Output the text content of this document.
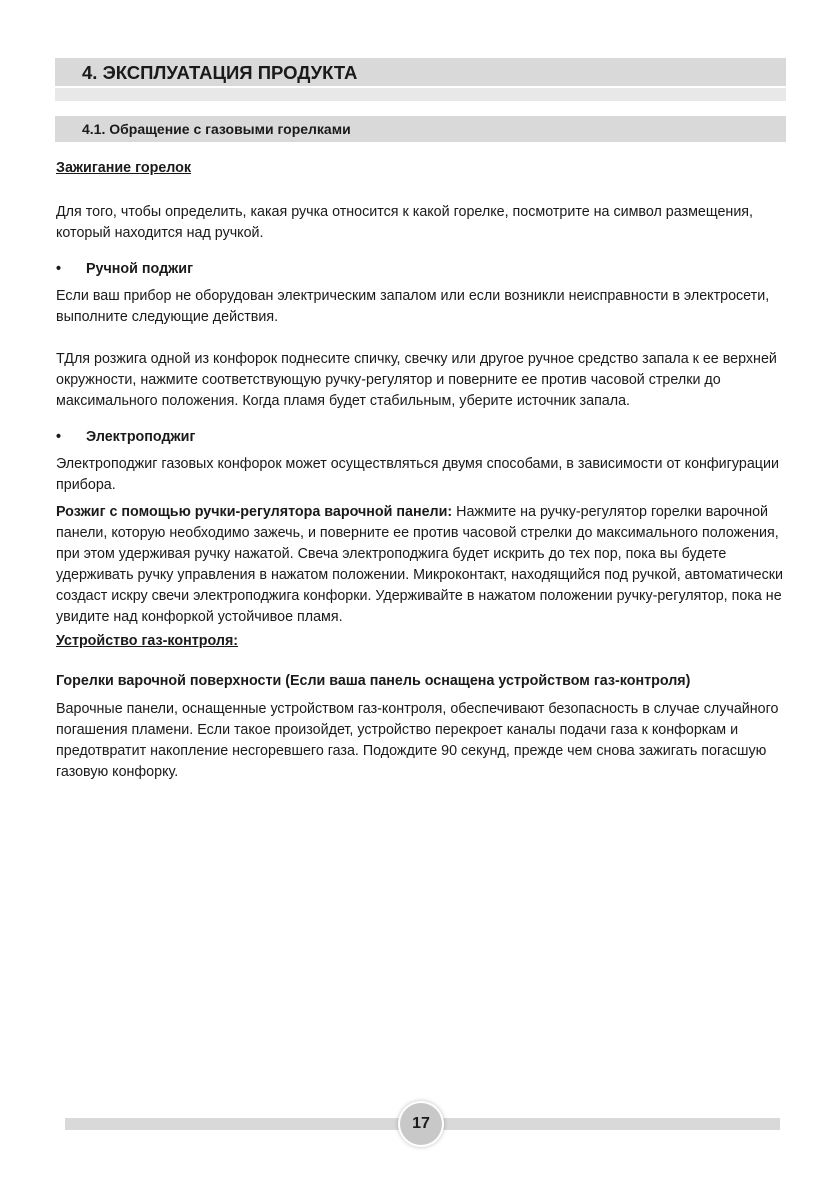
4. ЭКСПЛУАТАЦИЯ ПРОДУКТА
4.1. Обращение с газовыми горелками

Зажигание горелок

Для того, чтобы определить, какая ручка относится к какой горелке, посмотрите на символ размещения, который находится над ручкой.

•	Ручной поджиг

Если ваш прибор не оборудован электрическим запалом или если возникли неисправности в электросети, выполните следующие действия.

ТДля розжига одной из конфорок поднесите спичку, свечку или другое ручное средство запала к ее верхней окружности, нажмите соответствующую ручку-регулятор и поверните ее против часовой стрелки до максимального положения. Когда пламя будет стабильным, уберите источник запала.

•	Электроподжиг

Электроподжиг газовых конфорок может осуществляться двумя способами, в зависимости от конфигурации прибора.

Розжиг с помощью ручки-регулятора варочной панели: Нажмите на ручку-регулятор горелки варочной панели, которую необходимо зажечь, и поверните ее против часовой стрелки до максимального положения, при этом удерживая ручку нажатой. Свеча электроподжига будет искрить до тех пор, пока вы будете удерживать ручку управления в нажатом положении. Микроконтакт, находящийся под ручкой, автоматически создаст искру свечи электроподжига конфорки. Удерживайте в нажатом положении ручку-регулятор, пока не увидите над конфоркой устойчивое пламя.

Устройство газ-контроля:

Горелки варочной поверхности (Если ваша панель оснащена устройством газ-контроля)

Варочные панели, оснащенные устройством газ-контроля, обеспечивают безопасность в случае случайного погашения пламени. Если такое произойдет, устройство перекроет каналы подачи газа к конфоркам и предотвратит накопление несгоревшего газа. Подождите 90 секунд, прежде чем снова зажигать погасшую газовую конфорку.

17
